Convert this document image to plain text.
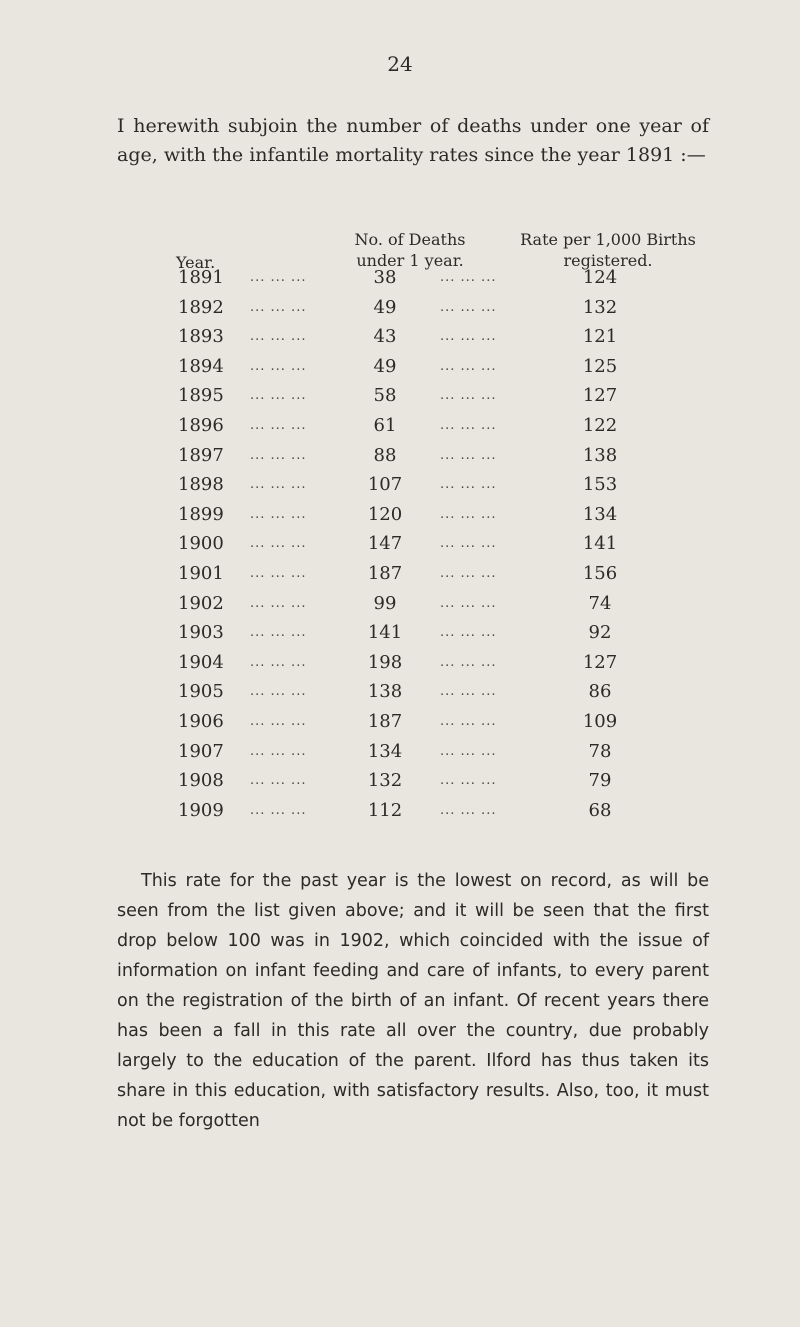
24

I herewith subjoin the number of deaths under one year of age, with the infantile mortality rates since the year 1891 :—

Year.
No. of Deaths
under 1 year.
Rate per 1,000 Births
registered.
1891	... ... ...	38	... ... ...	124
1892	... ... ...	49	... ... ...	132
1893	... ... ...	43	... ... ...	121
1894	... ... ...	49	... ... ...	125
1895	... ... ...	58	... ... ...	127
1896	... ... ...	61	... ... ...	122
1897	... ... ...	88	... ... ...	138
1898	... ... ...	107	... ... ...	153
1899	... ... ...	120	... ... ...	134
1900	... ... ...	147	... ... ...	141
1901	... ... ...	187	... ... ...	156
1902	... ... ...	99	... ... ...	74
1903	... ... ...	141	... ... ...	92
1904	... ... ...	198	... ... ...	127
1905	... ... ...	138	... ... ...	86
1906	... ... ...	187	... ... ...	109
1907	... ... ...	134	... ... ...	78
1908	... ... ...	132	... ... ...	79
1909	... ... ...	112	... ... ...	68

This rate for the past year is the lowest on record, as will be seen from the list given above; and it will be seen that the first drop below 100 was in 1902, which coincided with the issue of information on infant feeding and care of infants, to every parent on the registration of the birth of an infant. Of recent years there has been a fall in this rate all over the country, due probably largely to the education of the parent. Ilford has thus taken its share in this education, with satisfactory results. Also, too, it must not be forgotten
